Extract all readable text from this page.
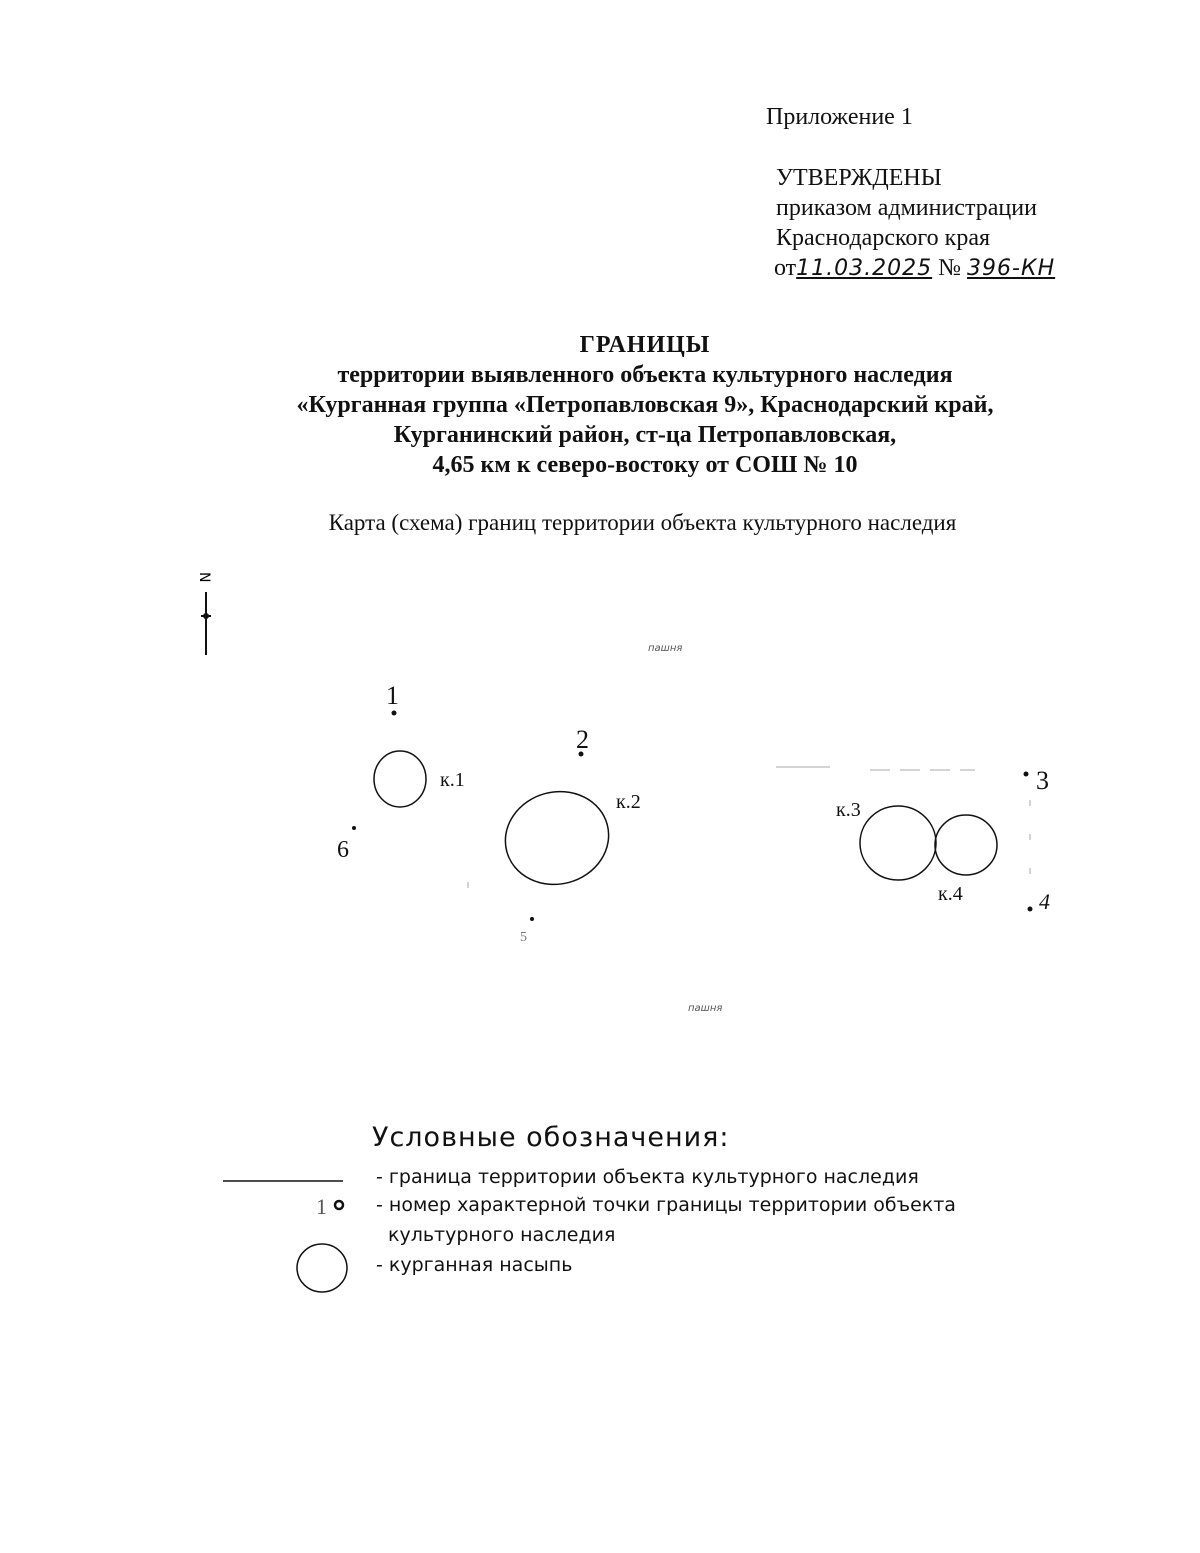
Приложение 1
УТВЕРЖДЕНЫ
приказом администрации
Краснодарского края
от11.03.2025 № 396-КН
ГРАНИЦЫ
территории выявленного объекта культурного наследия
«Курганная группа «Петропавловская 9», Краснодарский край,
Курганинский район, ст-ца Петропавловская,
4,65 км к северо-востоку от СОШ № 10
Карта (схема) границ территории объекта культурного наследия
N
пашня
пашня
1
2
3
4
5
6
к.1
к.2	к.3
к.4
Условные обозначения:
1
- граница территории объекта культурного наследия
- номер характерной точки границы территории объекта
культурного наследия
- курганная насыпь
